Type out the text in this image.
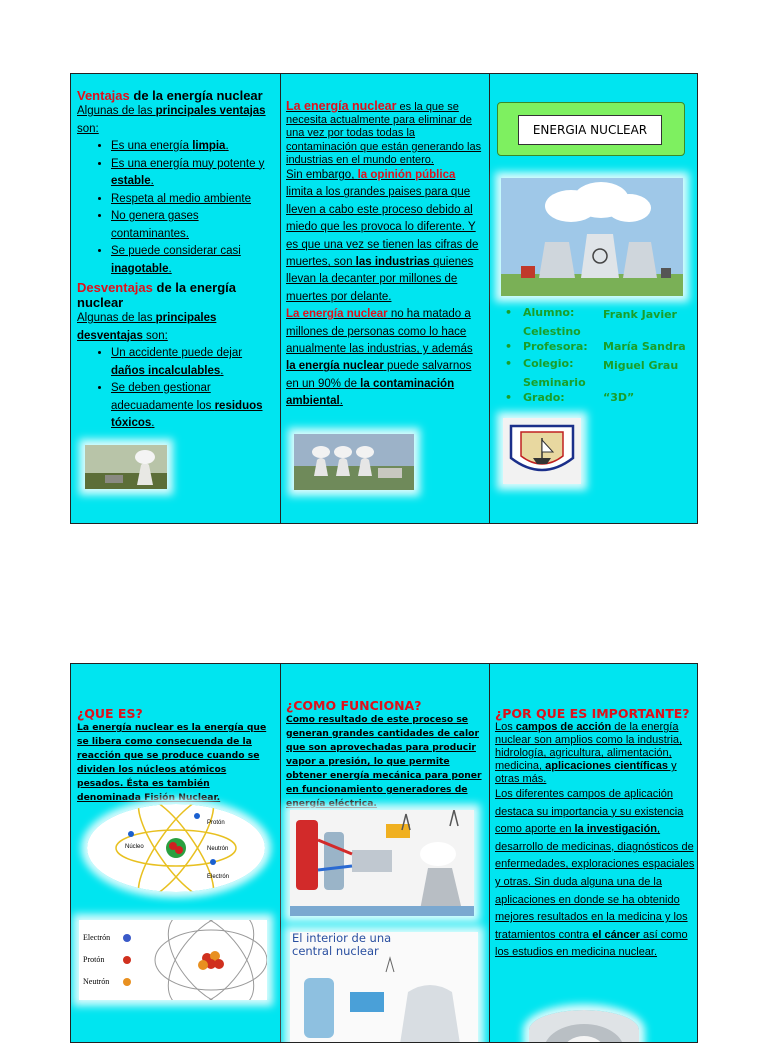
Ventajas de la energía nuclear

Algunas de las principales ventajas son:

• Es una energía limpia.
• Es una energía muy potente y estable.
• Respeta al medio ambiente
• No genera gases contaminantes.
• Se puede considerar casi inagotable.

Desventajas de la energía nuclear

Algunas de las principales desventajas son:

• Un accidente puede dejar daños incalculables.
• Se deben gestionar adecuadamente los residuos tóxicos.

La energía nuclear es la que se necesita actualmente para eliminar de una vez por todas todas la contaminación que están generando las industrias en el mundo entero.

Sin embargo, la opinión pública limita a los grandes paises para que lleven a cabo este proceso debido al miedo que les provoca lo diferente. Y es que una vez se tienen las cifras de muertes, son las industrias quienes llevan la decanter por millones de muertes por delante.

La energía nuclear no ha matado a millones de personas como lo hace anualmente las industrias, y además la energía nuclear puede salvarnos en un 90% de la contaminación ambiental.

ENERGIA NUCLEAR
• Alumno:	Frank Javier Celestino
• Profesora: María Sandra
• Colegio:	Miguel Grau Seminario
• Grado:	“3D”

¿QUE ES?

La energía nuclear es la energía que se libera como consecuenda de la reacción que se produce cuando se dividen los núcleos atómicos pesados. Ésta es también denominada Fisión Nuclear.

Protón
Núcleo	Neutrón
Electrón
Electrón
Protón
Neutrón

¿COMO FUNCIONA?

Como resultado de este proceso se generan grandes cantidades de calor que son aprovechadas para producir vapor a presión, lo que permite obtener energía mecánica para poner en funcionamiento generadores de energía eléctrica.

El interior de una central nuclear

¿POR QUE ES IMPORTANTE?

Los campos de acción de la energía nuclear son amplios como la industria, hidrología, agricultura, alimentación, medicina, aplicaciones científicas y otras más.

Los diferentes campos de aplicación destaca su importancia y su existencia como aporte en la investigación, desarrollo de medicinas, diagnósticos de enfermedades, exploraciones espaciales y otras. Sin duda alguna una de la aplicaciones en donde se ha obtenido mejores resultados en la medicina y los tratamientos contra el cáncer así como los estudios en medicina nuclear.
